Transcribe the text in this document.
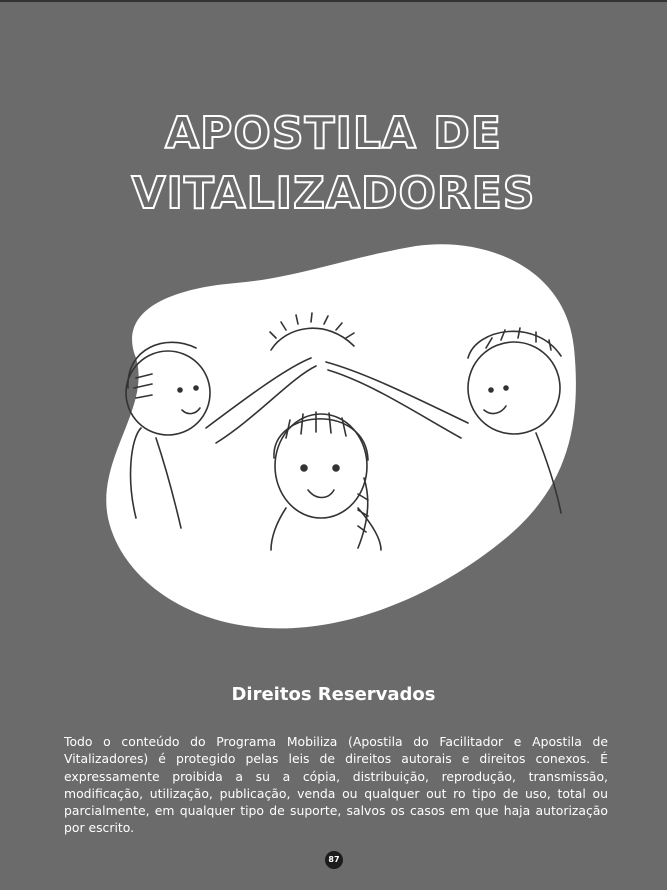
APOSTILA DE
VITALIZADORES
Direitos Reservados
Todo o conteúdo do Programa Mobiliza (Apostila do Facilitador e Apostila de Vitalizadores) é protegido pelas leis de direitos autorais e direitos conexos. É expressamente proibida a su a cópia, distribuição, reprodução, transmissão, modificação, utilização, publicação, venda ou qualquer out ro tipo de uso, total ou parcialmente, em qualquer tipo de suporte, salvos os casos em que haja autorização por escrito.
87
